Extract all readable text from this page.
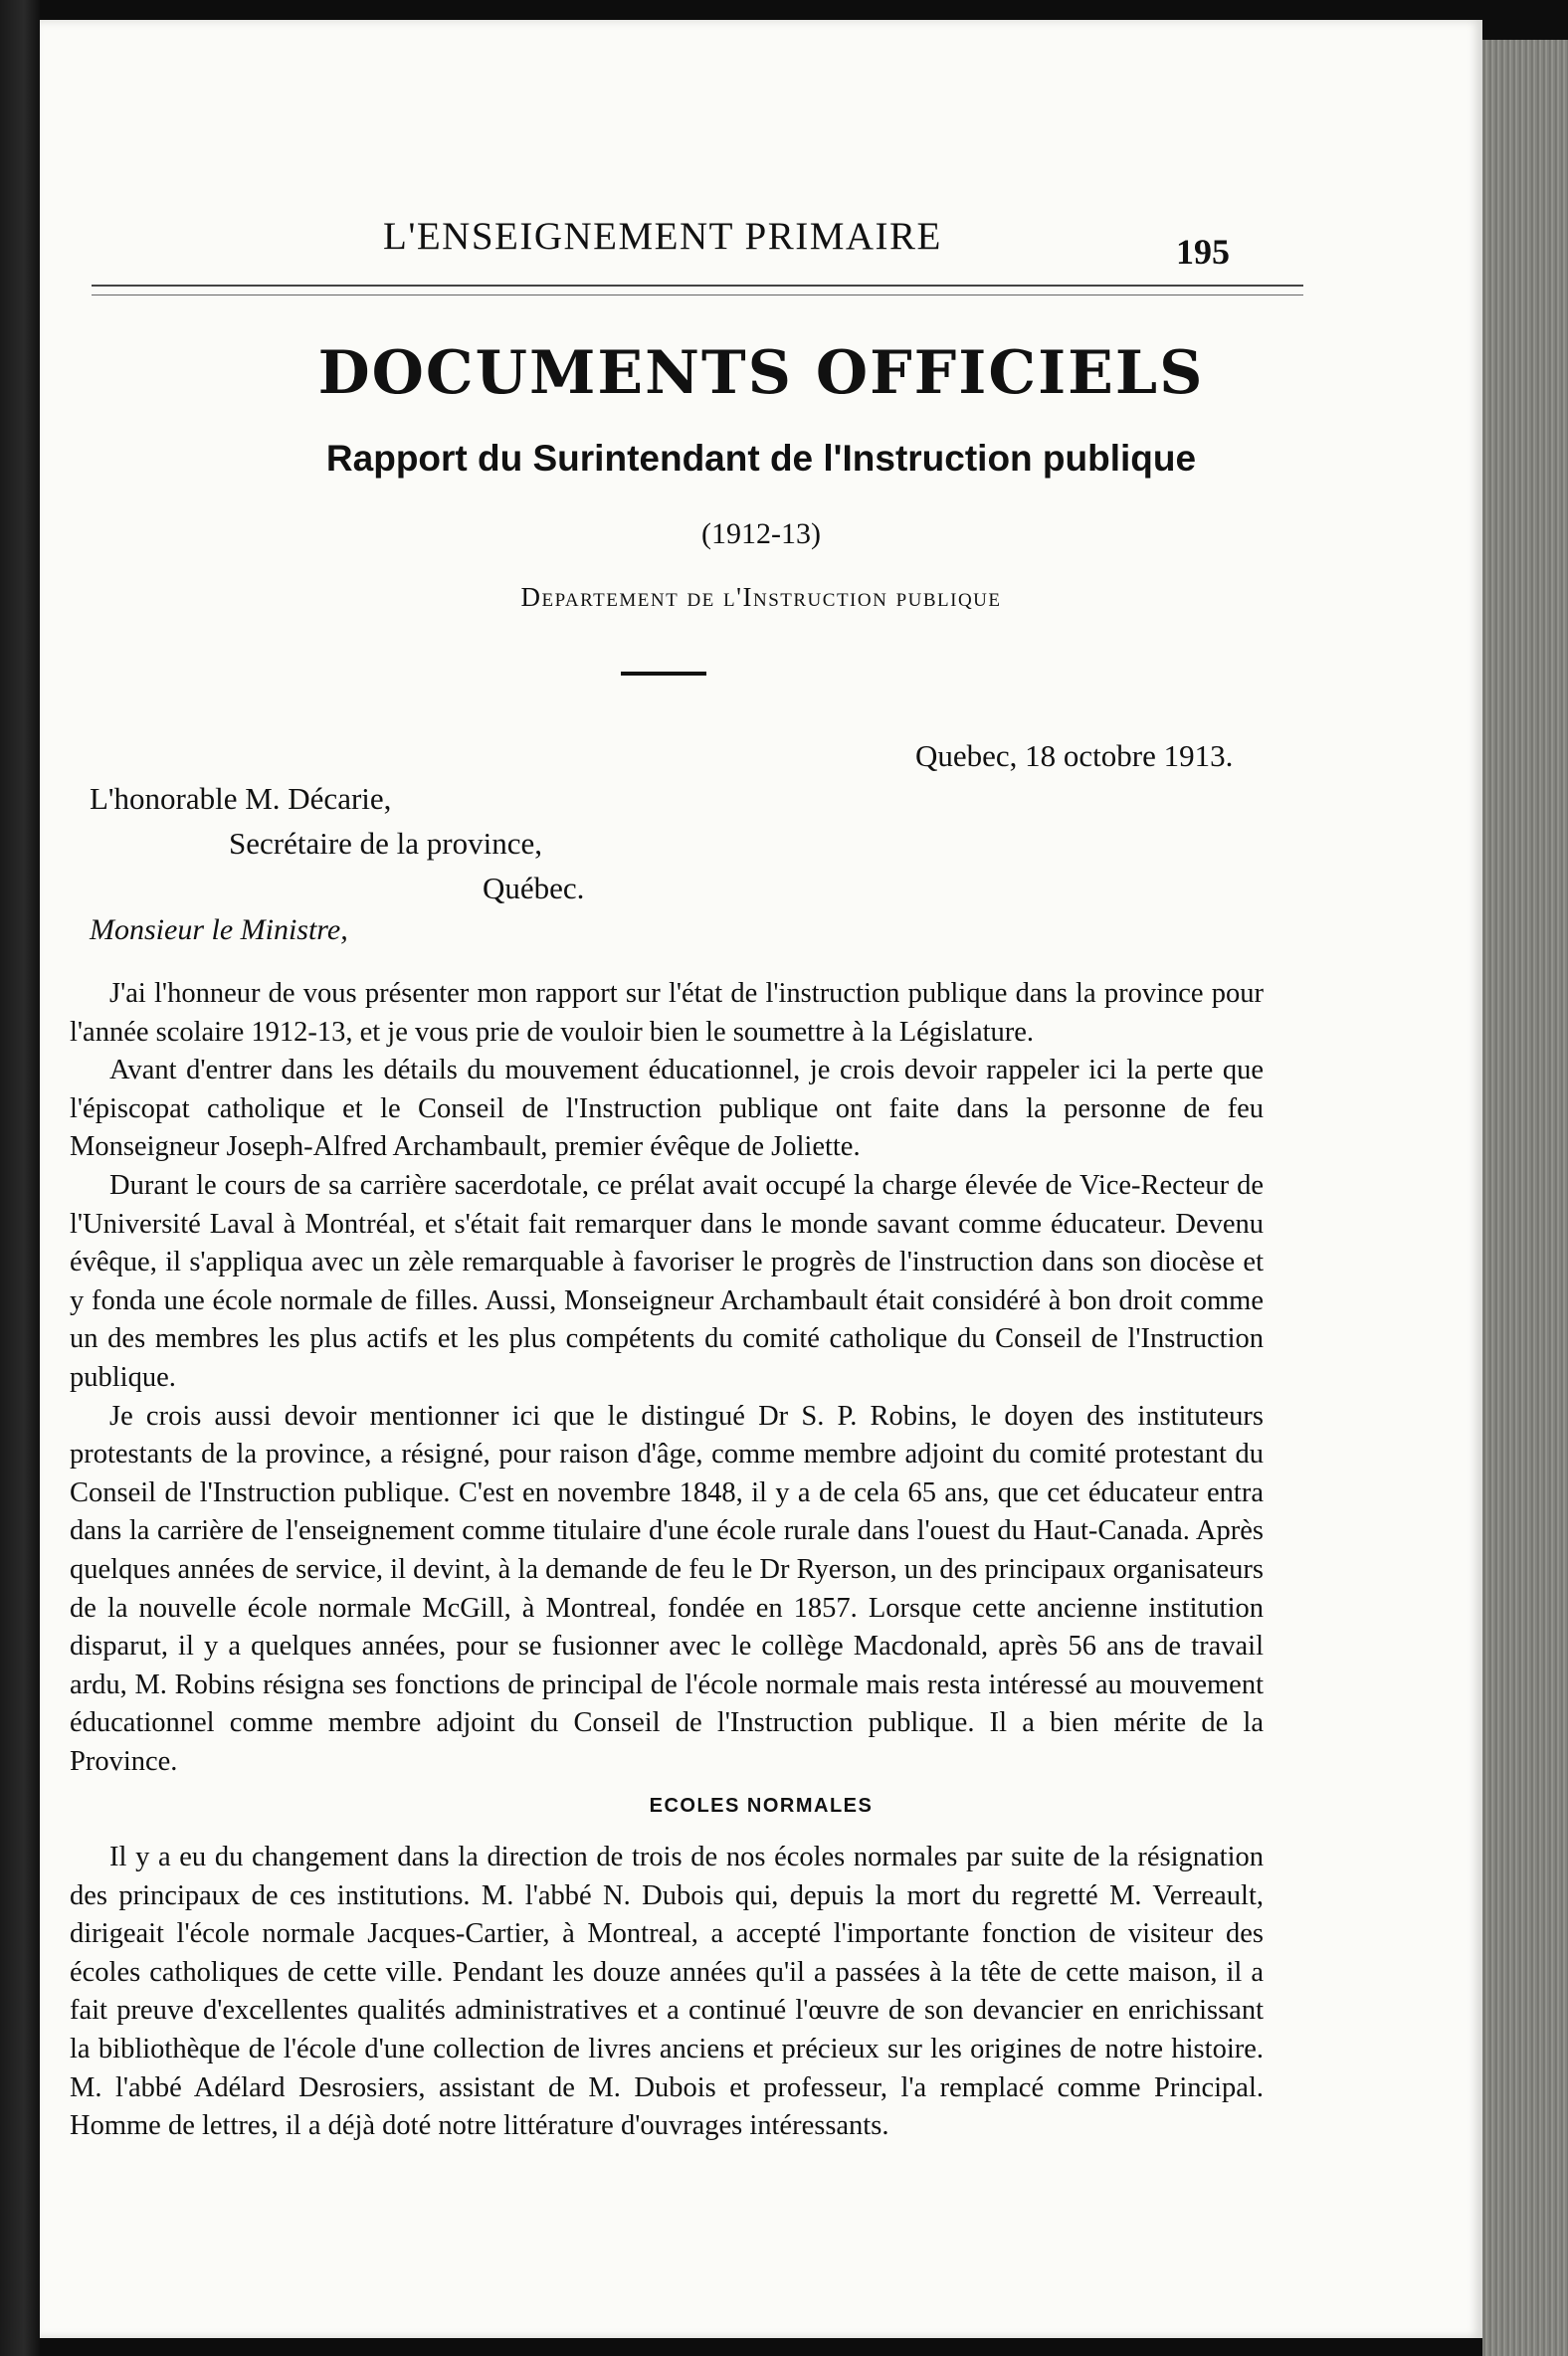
L'ENSEIGNEMENT PRIMAIRE	195
DOCUMENTS OFFICIELS
Rapport du Surintendant de l'Instruction publique
(1912-13)
Departement de l'Instruction publique
Quebec, 18 octobre 1913.
L'honorable M. Décarie,
Secrétaire de la province,
Québec.
Monsieur le Ministre,

J'ai l'honneur de vous présenter mon rapport sur l'état de l'instruction publique dans la province pour l'année scolaire 1912-13, et je vous prie de vouloir bien le soumettre à la Législature.

Avant d'entrer dans les détails du mouvement éducationnel, je crois devoir rappeler ici la perte que l'épiscopat catholique et le Conseil de l'Instruction publique ont faite dans la personne de feu Monseigneur Joseph-Alfred Archambault, premier évêque de Joliette.

Durant le cours de sa carrière sacerdotale, ce prélat avait occupé la charge élevée de Vice-Recteur de l'Université Laval à Montréal, et s'était fait remarquer dans le monde savant comme éducateur. Devenu évêque, il s'appliqua avec un zèle remarquable à favoriser le progrès de l'instruction dans son diocèse et y fonda une école normale de filles. Aussi, Monseigneur Archambault était considéré à bon droit comme un des membres les plus actifs et les plus compétents du comité catholique du Conseil de l'Instruction publique.

Je crois aussi devoir mentionner ici que le distingué Dr S. P. Robins, le doyen des instituteurs protestants de la province, a résigné, pour raison d'âge, comme membre adjoint du comité protestant du Conseil de l'Instruction publique. C'est en novembre 1848, il y a de cela 65 ans, que cet éducateur entra dans la carrière de l'enseignement comme titulaire d'une école rurale dans l'ouest du Haut-Canada. Après quelques années de service, il devint, à la demande de feu le Dr Ryerson, un des principaux organisateurs de la nouvelle école normale McGill, à Montreal, fondée en 1857. Lorsque cette ancienne institution disparut, il y a quelques années, pour se fusionner avec le collège Macdonald, après 56 ans de travail ardu, M. Robins résigna ses fonctions de principal de l'école normale mais resta intéressé au mouvement éducationnel comme membre adjoint du Conseil de l'Instruction publique. Il a bien mérite de la Province.

ECOLES NORMALES

Il y a eu du changement dans la direction de trois de nos écoles normales par suite de la résignation des principaux de ces institutions. M. l'abbé N. Dubois qui, depuis la mort du regretté M. Verreault, dirigeait l'école normale Jacques-Cartier, à Montreal, a accepté l'importante fonction de visiteur des écoles catholiques de cette ville. Pendant les douze années qu'il a passées à la tête de cette maison, il a fait preuve d'excellentes qualités administratives et a continué l'œuvre de son devancier en enrichissant la bibliothèque de l'école d'une collection de livres anciens et précieux sur les origines de notre histoire. M. l'abbé Adélard Desrosiers, assistant de M. Dubois et professeur, l'a remplacé comme Principal. Homme de lettres, il a déjà doté notre littérature d'ouvrages intéressants.
